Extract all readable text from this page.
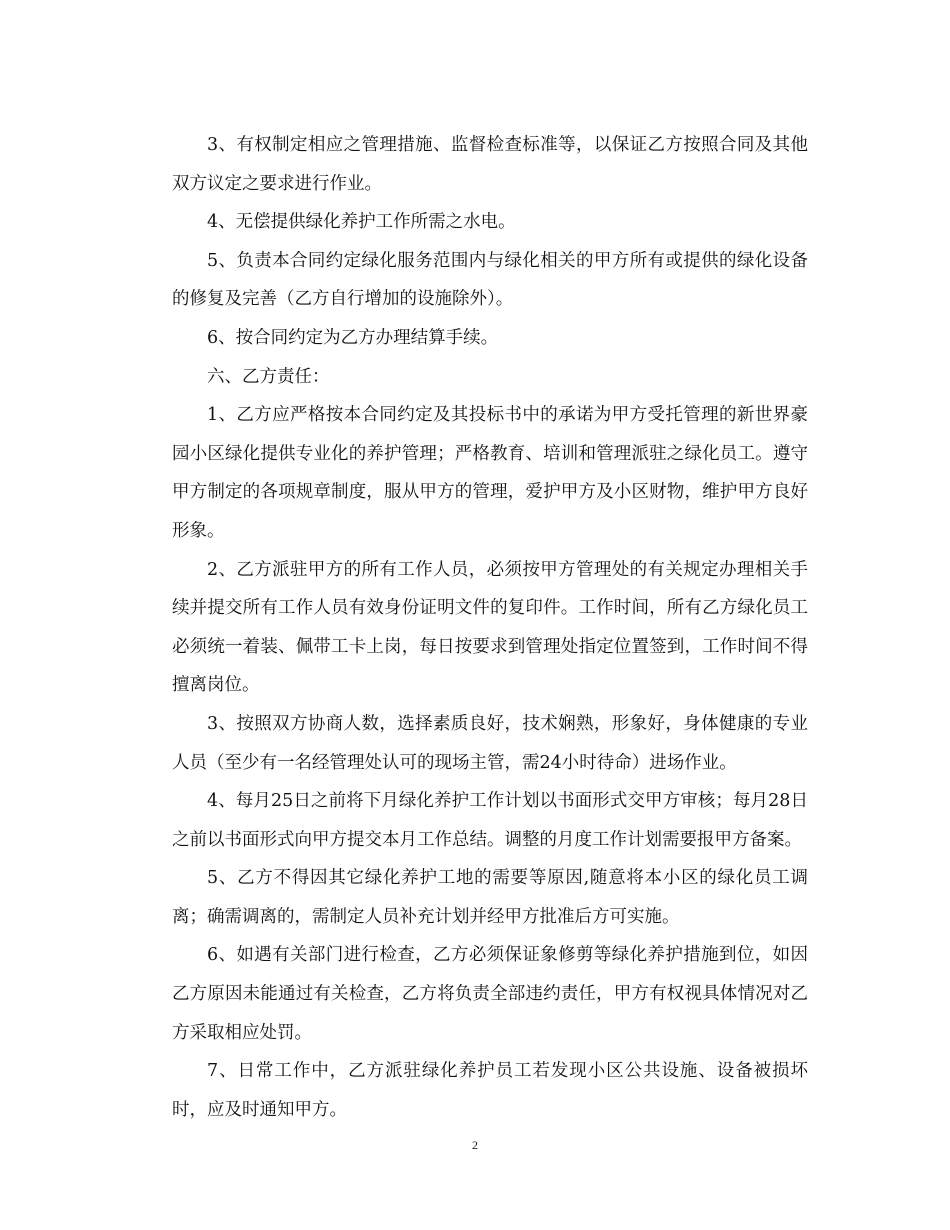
3、有权制定相应之管理措施、监督检查标准等，以保证乙方按照合同及其他双方议定之要求进行作业。

4、无偿提供绿化养护工作所需之水电。

5、负责本合同约定绿化服务范围内与绿化相关的甲方所有或提供的绿化设备的修复及完善（乙方自行增加的设施除外）。

6、按合同约定为乙方办理结算手续。

六、乙方责任：

1、乙方应严格按本合同约定及其投标书中的承诺为甲方受托管理的新世界豪园小区绿化提供专业化的养护管理；严格教育、培训和管理派驻之绿化员工。遵守甲方制定的各项规章制度，服从甲方的管理，爱护甲方及小区财物，维护甲方良好形象。

2、乙方派驻甲方的所有工作人员，必须按甲方管理处的有关规定办理相关手续并提交所有工作人员有效身份证明文件的复印件。工作时间，所有乙方绿化员工必须统一着装、佩带工卡上岗，每日按要求到管理处指定位置签到，工作时间不得擅离岗位。

3、按照双方协商人数，选择素质良好，技术娴熟，形象好，身体健康的专业人员（至少有一名经管理处认可的现场主管，需24小时待命）进场作业。

4、每月25日之前将下月绿化养护工作计划以书面形式交甲方审核；每月28日之前以书面形式向甲方提交本月工作总结。调整的月度工作计划需要报甲方备案。

5、乙方不得因其它绿化养护工地的需要等原因,随意将本小区的绿化员工调离；确需调离的，需制定人员补充计划并经甲方批准后方可实施。

6、如遇有关部门进行检查，乙方必须保证象修剪等绿化养护措施到位，如因乙方原因未能通过有关检查，乙方将负责全部违约责任，甲方有权视具体情况对乙方采取相应处罚。

7、日常工作中，乙方派驻绿化养护员工若发现小区公共设施、设备被损坏时，应及时通知甲方。

2
